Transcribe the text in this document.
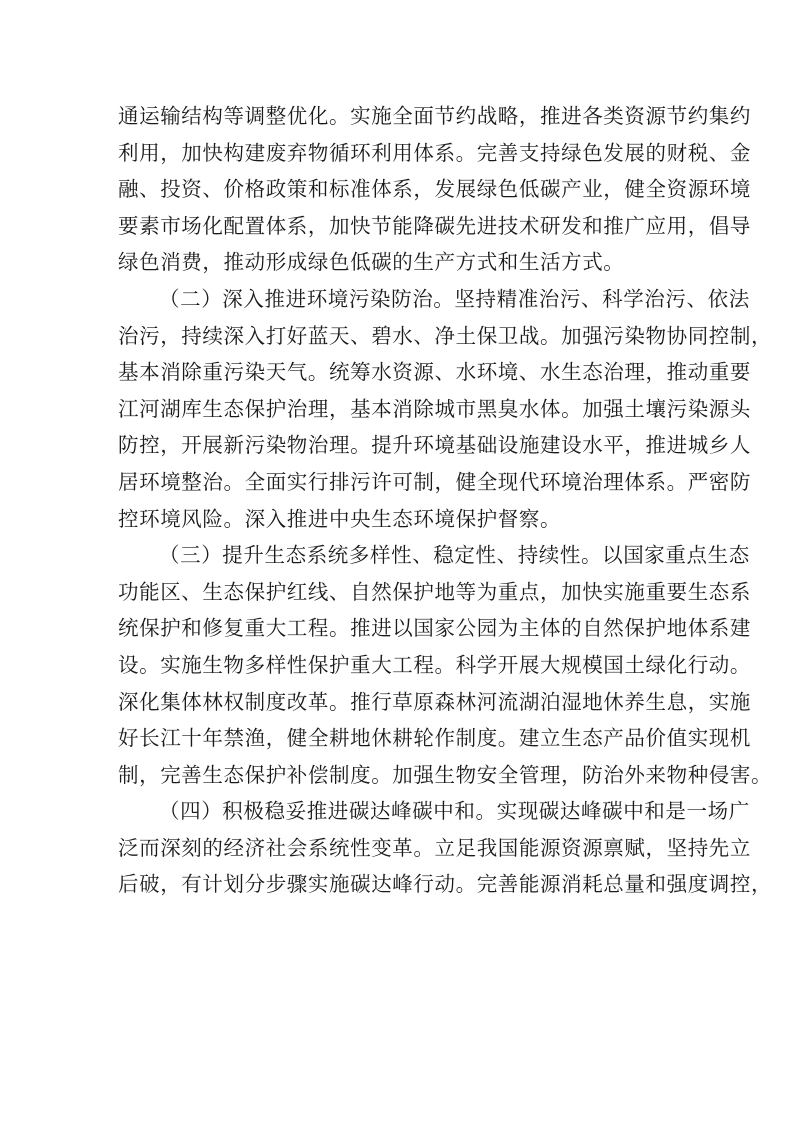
通运输结构等调整优化。实施全面节约战略，推进各类资源节约集约
利用，加快构建废弃物循环利用体系。完善支持绿色发展的财税、金
融、投资、价格政策和标准体系，发展绿色低碳产业，健全资源环境
要素市场化配置体系，加快节能降碳先进技术研发和推广应用，倡导
绿色消费，推动形成绿色低碳的生产方式和生活方式。
（二）深入推进环境污染防治。坚持精准治污、科学治污、依法
治污，持续深入打好蓝天、碧水、净土保卫战。加强污染物协同控制，
基本消除重污染天气。统筹水资源、水环境、水生态治理，推动重要
江河湖库生态保护治理，基本消除城市黑臭水体。加强土壤污染源头
防控，开展新污染物治理。提升环境基础设施建设水平，推进城乡人
居环境整治。全面实行排污许可制，健全现代环境治理体系。严密防
控环境风险。深入推进中央生态环境保护督察。
（三）提升生态系统多样性、稳定性、持续性。以国家重点生态
功能区、生态保护红线、自然保护地等为重点，加快实施重要生态系
统保护和修复重大工程。推进以国家公园为主体的自然保护地体系建
设。实施生物多样性保护重大工程。科学开展大规模国土绿化行动。
深化集体林权制度改革。推行草原森林河流湖泊湿地休养生息，实施
好长江十年禁渔，健全耕地休耕轮作制度。建立生态产品价值实现机
制，完善生态保护补偿制度。加强生物安全管理，防治外来物种侵害。
（四）积极稳妥推进碳达峰碳中和。实现碳达峰碳中和是一场广
泛而深刻的经济社会系统性变革。立足我国能源资源禀赋，坚持先立
后破，有计划分步骤实施碳达峰行动。完善能源消耗总量和强度调控，
